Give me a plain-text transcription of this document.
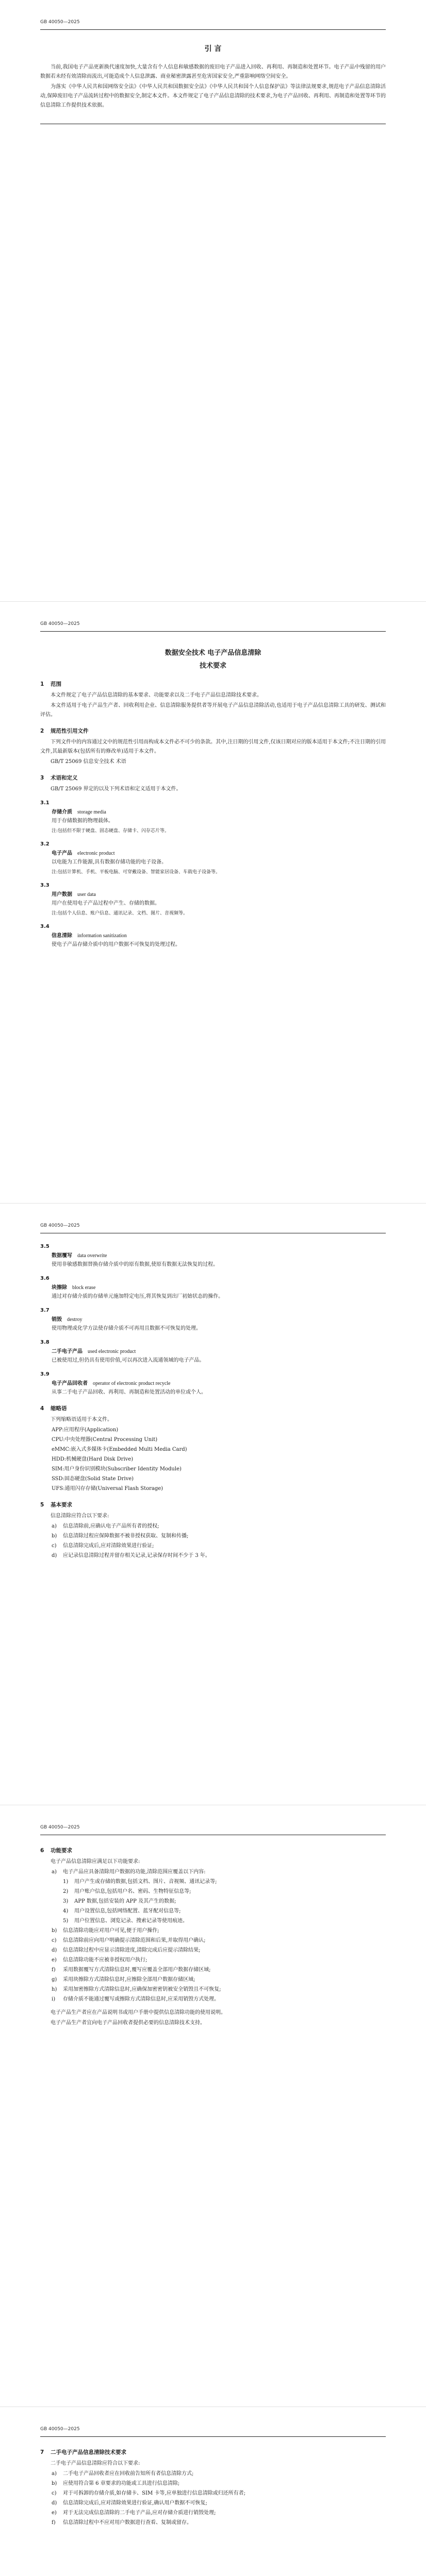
GB 40050—2025
引 言

当前,我国电子产品更新换代速度加快,大量含有个人信息和敏感数据的废旧电子产品进入回收、再利用、再制造和处置环节。电子产品中残留的用户数据若未经有效清除而流出,可能造成个人信息泄露、商业秘密泄露甚至危害国家安全,严重影响网络空间安全。

为落实《中华人民共和国网络安全法》《中华人民共和国数据安全法》《中华人民共和国个人信息保护法》等法律法规要求,规范电子产品信息清除活动,保障废旧电子产品流转过程中的数据安全,制定本文件。本文件规定了电子产品信息清除的技术要求,为电子产品回收、再利用、再制造和处置等环节的信息清除工作提供技术依据。

GB 40050—2025
数据安全技术 电子产品信息清除
技术要求
1 范围

本文件规定了电子产品信息清除的基本要求、功能要求以及二手电子产品信息清除技术要求。

本文件适用于电子产品生产者、回收利用企业、信息清除服务提供者等开展电子产品信息清除活动,也适用于电子产品信息清除工具的研发、测试和评估。

2 规范性引用文件

下列文件中的内容通过文中的规范性引用而构成本文件必不可少的条款。其中,注日期的引用文件,仅该日期对应的版本适用于本文件;不注日期的引用文件,其最新版本(包括所有的修改单)适用于本文件。

GB/T 25069 信息安全技术 术语

3 术语和定义

GB/T 25069 界定的以及下列术语和定义适用于本文件。

3.1
存储介质 storage media
用于存储数据的物理载体。
注:包括但不限于硬盘、固态硬盘、存储卡、闪存芯片等。
3.2
电子产品 electronic product
以电能为工作能源,具有数据存储功能的电子设备。
注:包括计算机、手机、平板电脑、可穿戴设备、智能家居设备、车载电子设备等。
3.3
用户数据 user data
用户在使用电子产品过程中产生、存储的数据。
注:包括个人信息、账户信息、通讯记录、文档、图片、音视频等。
3.4
信息清除 information sanitization
使电子产品存储介质中的用户数据不可恢复的处理过程。
GB 40050—2025
3.5
数据覆写 data overwrite
使用非敏感数据替换存储介质中的原有数据,使原有数据无法恢复的过程。
3.6
块擦除 block erase
通过对存储介质的存储单元施加特定电压,将其恢复到出厂初始状态的操作。
3.7
销毁 destroy
使用物理或化学方法使存储介质不可再用且数据不可恢复的处理。
3.8
二手电子产品 used electronic product
已被使用过,但仍具有使用价值,可以再次进入流通领域的电子产品。
3.9
电子产品回收者 operator of electronic product recycle
从事二手电子产品回收、再利用、再制造和处置活动的单位或个人。
4 缩略语

下列缩略语适用于本文件。

APP:应用程序(Application)
CPU:中央处理器(Central Processing Unit)
eMMC:嵌入式多媒体卡(Embedded Multi Media Card)
HDD:机械硬盘(Hard Disk Drive)
SIM:用户身份识别模块(Subscriber Identity Module)
SSD:固态硬盘(Solid State Drive)
UFS:通用闪存存储(Universal Flash Storage)
5 基本要求

信息清除应符合以下要求:

a) 信息清除前,应确认电子产品所有者的授权;
b) 信息清除过程应保障数据不被非授权获取、复制和传播;
c) 信息清除完成后,应对清除效果进行验证;
d) 应记录信息清除过程并留存相关记录,记录保存时间不少于 3 年。
GB 40050—2025
6 功能要求

电子产品信息清除应满足以下功能要求:

a) 电子产品应具备清除用户数据的功能,清除范围应覆盖以下内容:
1) 用户产生或存储的数据,包括文档、图片、音视频、通讯记录等;
2) 用户账户信息,包括用户名、密码、生物特征信息等;
3) APP 数据,包括安装的 APP 及其产生的数据;
4) 用户设置信息,包括网络配置、蓝牙配对信息等;
5) 用户位置信息、浏览记录、搜索记录等使用痕迹。
b) 信息清除功能应对用户可见,便于用户操作;
c) 信息清除前应向用户明确提示清除范围和后果,并取得用户确认;
d) 信息清除过程中应显示清除进度,清除完成后应提示清除结果;
e) 信息清除功能不应被非授权用户执行;
f) 采用数据覆写方式清除信息时,覆写应覆盖全部用户数据存储区域;
g) 采用块擦除方式清除信息时,应擦除全部用户数据存储区域;
h) 采用加密擦除方式清除信息时,应确保加密密钥被安全销毁且不可恢复;
i) 存储介质不能通过覆写或擦除方式清除信息时,应采用销毁方式处理。

电子产品生产者应在产品说明书或用户手册中提供信息清除功能的使用说明。

电子产品生产者宜向电子产品回收者提供必要的信息清除技术支持。

GB 40050—2025
7 二手电子产品信息清除技术要求

二手电子产品信息清除应符合以下要求:

a) 二手电子产品回收者应在回收前告知所有者信息清除方式;
b) 应使用符合第 6 章要求的功能或工具进行信息清除;
c) 对于可拆卸的存储介质,如存储卡、SIM 卡等,应单独进行信息清除或归还所有者;
d) 信息清除完成后,应对清除效果进行验证,确认用户数据不可恢复;
e) 对于无法完成信息清除的二手电子产品,应对存储介质进行销毁处理;
f) 信息清除过程中不应对用户数据进行查看、复制或留存。
